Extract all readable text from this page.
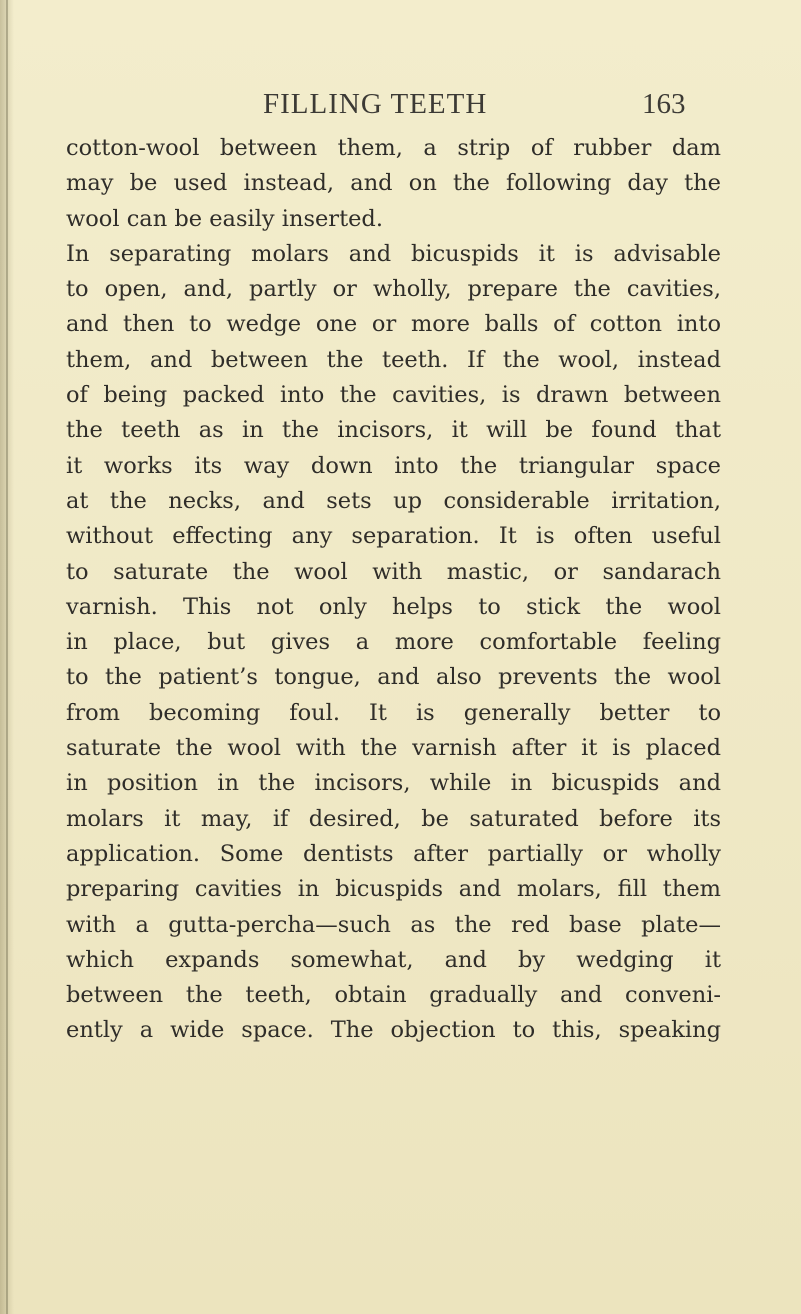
FILLING TEETH	163
cotton-wool between them, a strip of rubber dam
may be used instead, and on the following day the
wool can be easily inserted.
In separating molars and bicuspids it is advisable
to open, and, partly or wholly, prepare the cavities,
and then to wedge one or more balls of cotton into
them, and between the teeth. If the wool, instead
of being packed into the cavities, is drawn between
the teeth as in the incisors, it will be found that
it works its way down into the triangular space
at the necks, and sets up considerable irritation,
without effecting any separation. It is often useful
to saturate the wool with mastic, or sandarach
varnish. This not only helps to stick the wool
in place, but gives a more comfortable feeling
to the patient’s tongue, and also prevents the wool
from becoming foul. It is generally better to
saturate the wool with the varnish after it is placed
in position in the incisors, while in bicuspids and
molars it may, if desired, be saturated before its
application. Some dentists after partially or wholly
preparing cavities in bicuspids and molars, fill them
with a gutta-percha—such as the red base plate—
which expands somewhat, and by wedging it
between the teeth, obtain gradually and conveni-
ently a wide space. The objection to this, speaking
